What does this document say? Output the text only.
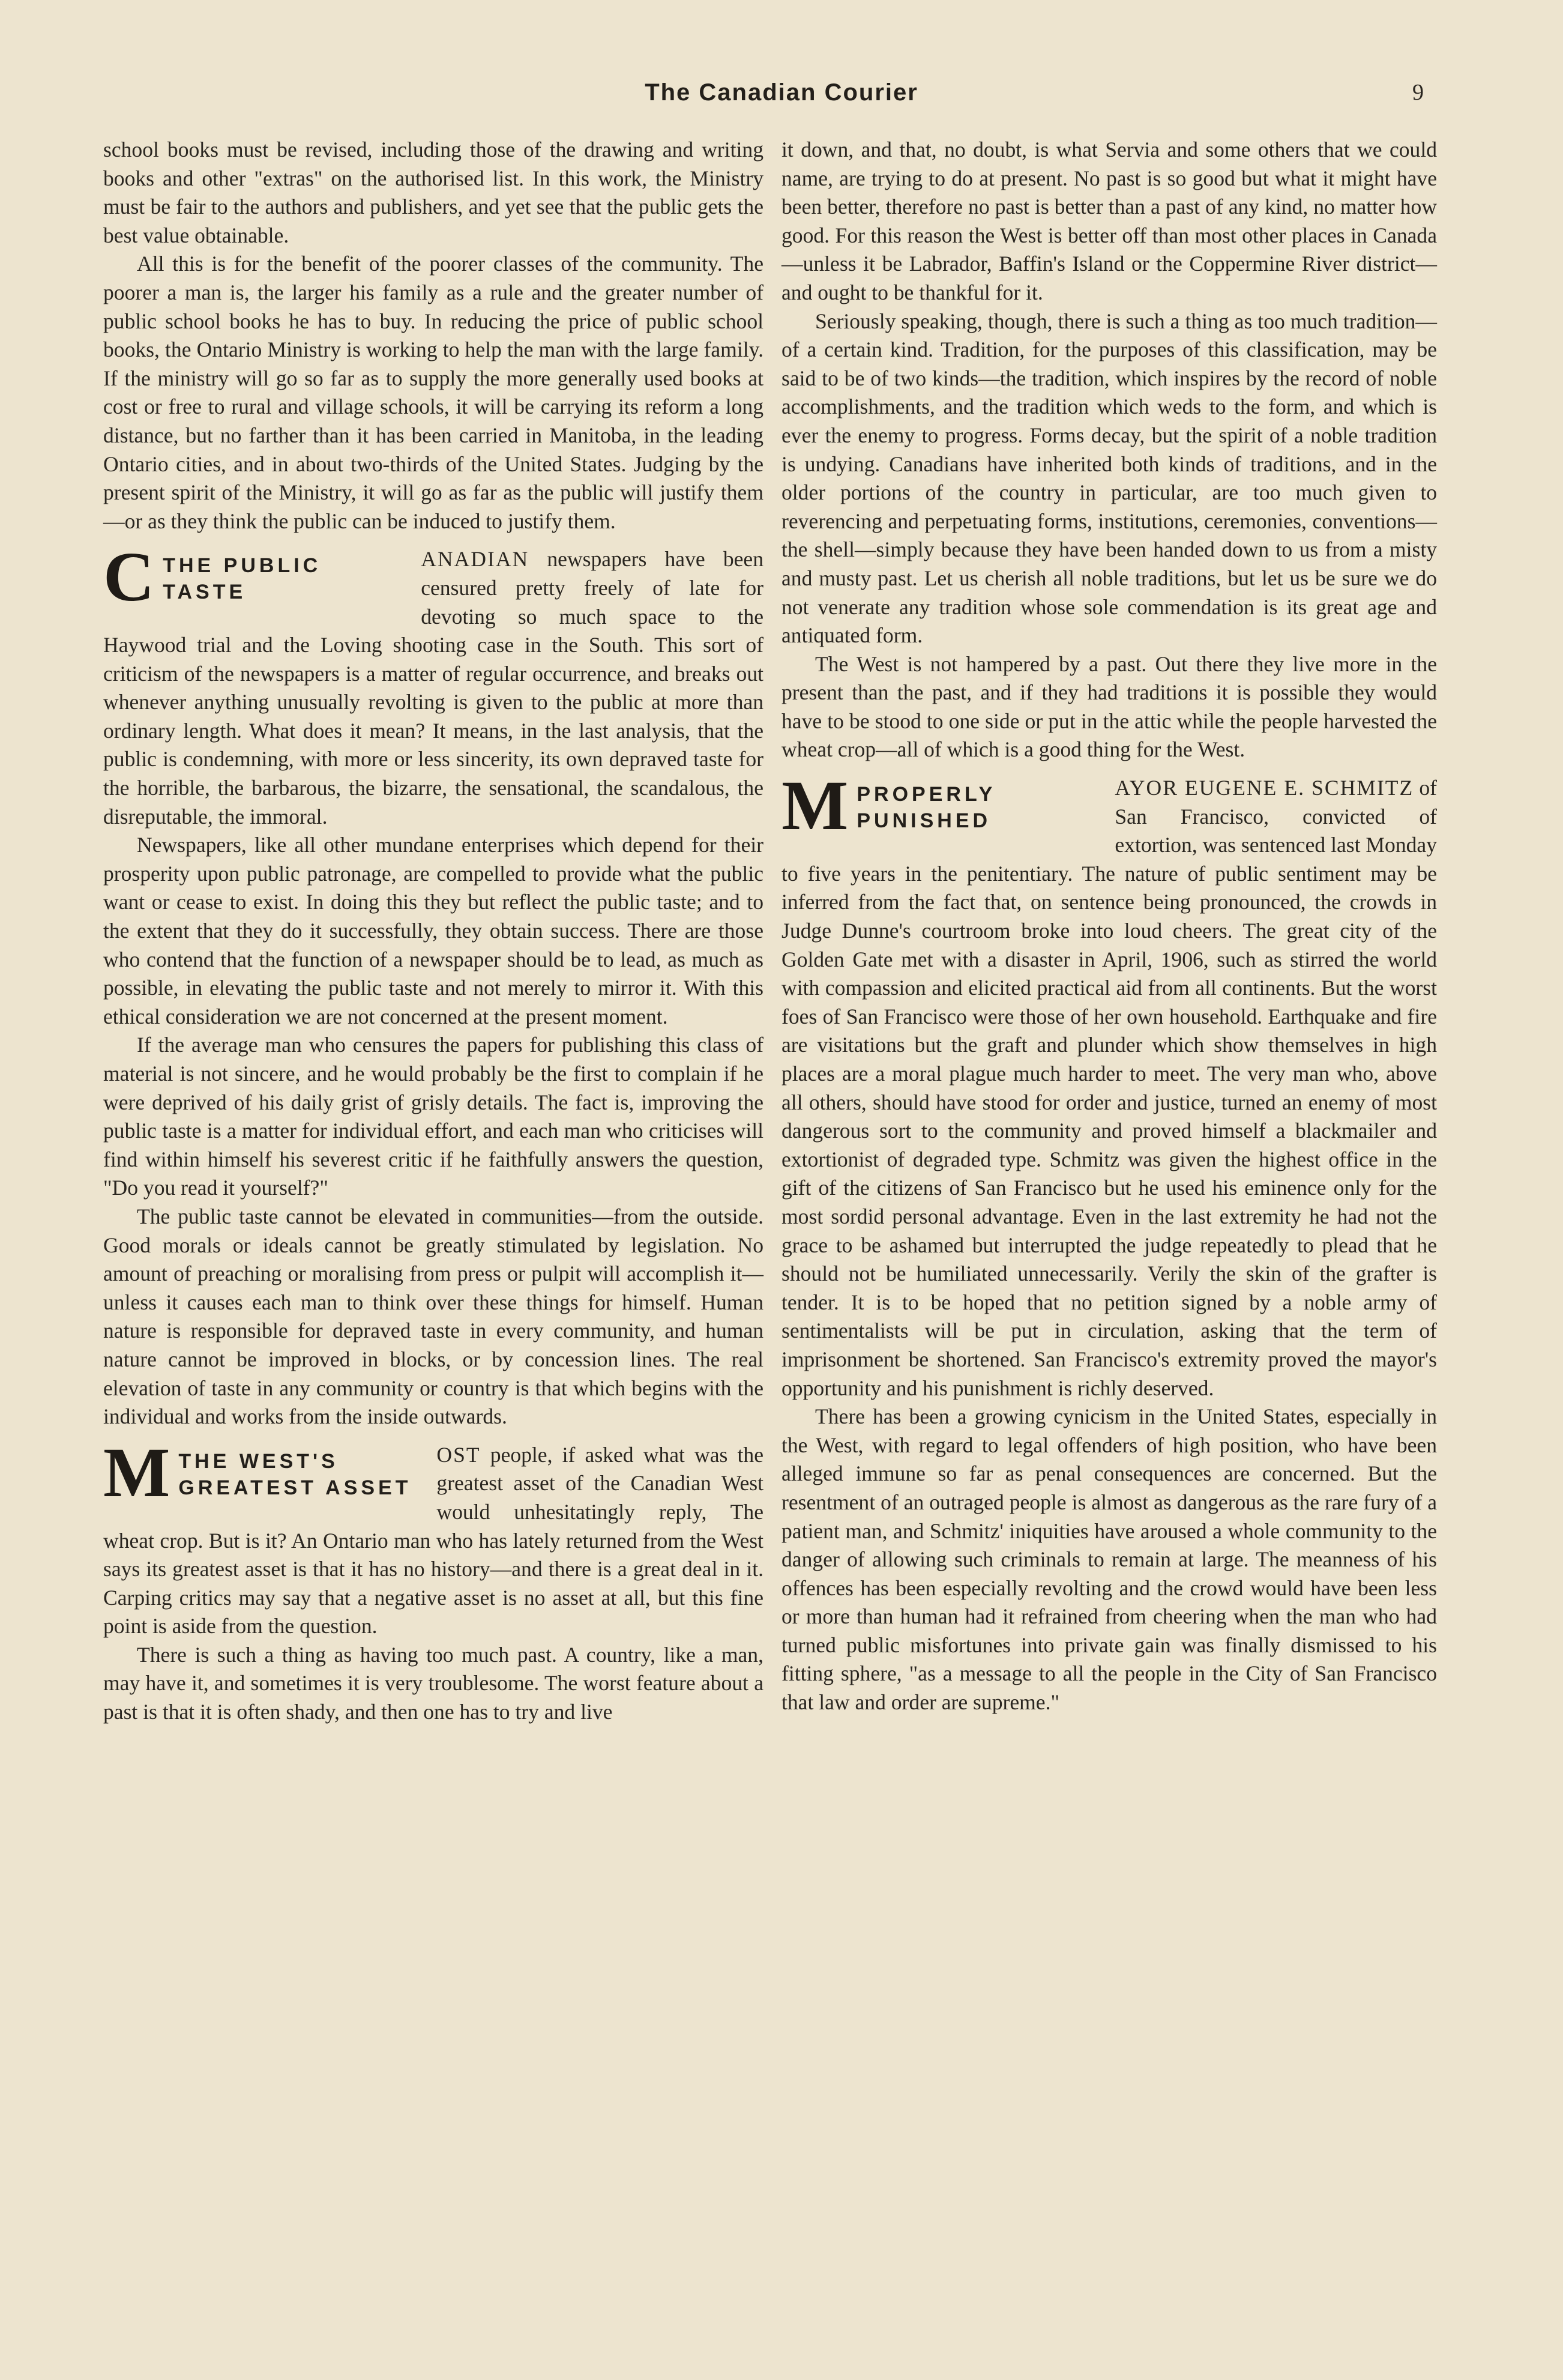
The Canadian Courier	9

school books must be revised, including those of the drawing and writing books and other "extras" on the authorised list. In this work, the Ministry must be fair to the authors and publishers, and yet see that the public gets the best value obtainable.

All this is for the benefit of the poorer classes of the community. The poorer a man is, the larger his family as a rule and the greater number of public school books he has to buy. In reducing the price of public school books, the Ontario Ministry is working to help the man with the large family. If the ministry will go so far as to supply the more generally used books at cost or free to rural and village schools, it will be carrying its reform a long distance, but no farther than it has been carried in Manitoba, in the leading Ontario cities, and in about two-thirds of the United States. Judging by the present spirit of the Ministry, it will go as far as the public will justify them—or as they think the public can be induced to justify them.

C	ANADIAN
THE PUBLIC
TASTE
newspapers have been censured pretty freely of late for devoting so much space to the Haywood trial and the Loving shooting case in the South. This sort of criticism of the newspapers is a matter of regular occurrence, and breaks out whenever anything unusually revolting is given to the public at more than ordinary length. What does it mean? It means, in the last analysis, that the public is condemning, with more or less sincerity, its own depraved taste for the horrible, the barbarous, the bizarre, the sensational, the scandalous, the disreputable, the immoral.

Newspapers, like all other mundane enterprises which depend for their prosperity upon public patronage, are compelled to provide what the public want or cease to exist. In doing this they but reflect the public taste; and to the extent that they do it successfully, they obtain success. There are those who contend that the function of a newspaper should be to lead, as much as possible, in elevating the public taste and not merely to mirror it. With this ethical consideration we are not concerned at the present moment.

If the average man who censures the papers for publishing this class of material is not sincere, and he would probably be the first to complain if he were deprived of his daily grist of grisly details. The fact is, improving the public taste is a matter for individual effort, and each man who criticises will find within himself his severest critic if he faithfully answers the question, "Do you read it yourself?"

The public taste cannot be elevated in communities—from the outside. Good morals or ideals cannot be greatly stimulated by legislation. No amount of preaching or moralising from press or pulpit will accomplish it—unless it causes each man to think over these things for himself. Human nature is responsible for depraved taste in every community, and human nature cannot be improved in blocks, or by concession lines. The real elevation of taste in any community or country is that which begins with the individual and works from the inside outwards.

M	OST
THE WEST'S
GREATEST ASSET
people, if asked what was the greatest asset of the Canadian West would unhesitatingly reply, The wheat crop. But is it? An Ontario man who has lately returned from the West says its greatest asset is that it has no history—and there is a great deal in it. Carping critics may say that a negative asset is no asset at all, but this fine point is aside from the question.

There is such a thing as having too much past. A country, like a man, may have it, and sometimes it is very troublesome. The worst feature about a past is that it is often shady, and then one has to try and live

it down, and that, no doubt, is what Servia and some others that we could name, are trying to do at present. No past is so good but what it might have been better, therefore no past is better than a past of any kind, no matter how good. For this reason the West is better off than most other places in Canada—unless it be Labrador, Baffin's Island or the Coppermine River district—and ought to be thankful for it.

Seriously speaking, though, there is such a thing as too much tradition—of a certain kind. Tradition, for the purposes of this classification, may be said to be of two kinds—the tradition, which inspires by the record of noble accomplishments, and the tradition which weds to the form, and which is ever the enemy to progress. Forms decay, but the spirit of a noble tradition is undying. Canadians have inherited both kinds of traditions, and in the older portions of the country in particular, are too much given to reverencing and perpetuating forms, institutions, ceremonies, conventions—the shell—simply because they have been handed down to us from a misty and musty past. Let us cherish all noble traditions, but let us be sure we do not venerate any tradition whose sole commendation is its great age and antiquated form.

The West is not hampered by a past. Out there they live more in the present than the past, and if they had traditions it is possible they would have to be stood to one side or put in the attic while the people harvested the wheat crop—all of which is a good thing for the West.

M	AYOR EUGENE E. SCHMITZ
PROPERLY
PUNISHED
of San Francisco, convicted of extortion, was sentenced last Monday to five years in the penitentiary. The nature of public sentiment may be inferred from the fact that, on sentence being pronounced, the crowds in Judge Dunne's courtroom broke into loud cheers. The great city of the Golden Gate met with a disaster in April, 1906, such as stirred the world with compassion and elicited practical aid from all continents. But the worst foes of San Francisco were those of her own household. Earthquake and fire are visitations but the graft and plunder which show themselves in high places are a moral plague much harder to meet. The very man who, above all others, should have stood for order and justice, turned an enemy of most dangerous sort to the community and proved himself a blackmailer and extortionist of degraded type. Schmitz was given the highest office in the gift of the citizens of San Francisco but he used his eminence only for the most sordid personal advantage. Even in the last extremity he had not the grace to be ashamed but interrupted the judge repeatedly to plead that he should not be humiliated unnecessarily. Verily the skin of the grafter is tender. It is to be hoped that no petition signed by a noble army of sentimentalists will be put in circulation, asking that the term of imprisonment be shortened. San Francisco's extremity proved the mayor's opportunity and his punishment is richly deserved.

There has been a growing cynicism in the United States, especially in the West, with regard to legal offenders of high position, who have been alleged immune so far as penal consequences are concerned. But the resentment of an outraged people is almost as dangerous as the rare fury of a patient man, and Schmitz' iniquities have aroused a whole community to the danger of allowing such criminals to remain at large. The meanness of his offences has been especially revolting and the crowd would have been less or more than human had it refrained from cheering when the man who had turned public misfortunes into private gain was finally dismissed to his fitting sphere, "as a message to all the people in the City of San Francisco that law and order are supreme."
